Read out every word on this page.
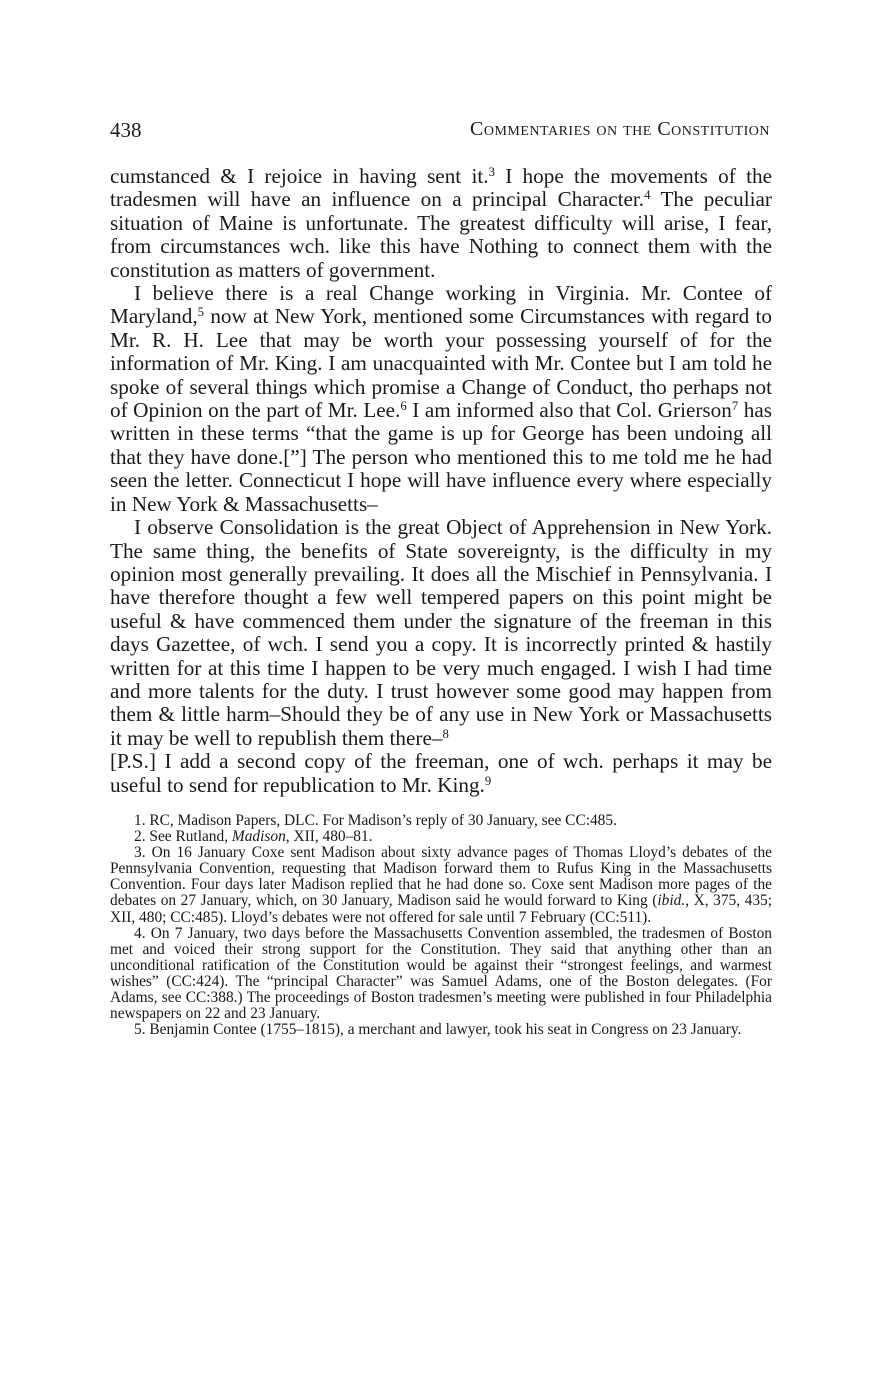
438	Commentaries on the Constitution

cumstanced & I rejoice in having sent it.$^3$ I hope the movements of the tradesmen will have an influence on a principal Character.$^4$ The peculiar situation of Maine is unfortunate. The greatest difficulty will arise, I fear, from circumstances wch. like this have Nothing to connect them with the constitution as matters of government.

I believe there is a real Change working in Virginia. Mr. Contee of Maryland,$^5$ now at New York, mentioned some Circumstances with regard to Mr. R. H. Lee that may be worth your possessing yourself of for the information of Mr. King. I am unacquainted with Mr. Contee but I am told he spoke of several things which promise a Change of Conduct, tho perhaps not of Opinion on the part of Mr. Lee.$^6$ I am informed also that Col. Grierson$^7$ has written in these terms “that the game is up for George has been undoing all that they have done.[”] The person who mentioned this to me told me he had seen the letter. Connecticut I hope will have influence every where especially in New York & Massachusetts–

I observe Consolidation is the great Object of Apprehension in New York. The same thing, the benefits of State sovereignty, is the difficulty in my opinion most generally prevailing. It does all the Mischief in Pennsylvania. I have therefore thought a few well tempered papers on this point might be useful & have commenced them under the signature of the freeman in this days Gazettee, of wch. I send you a copy. It is incorrectly printed & hastily written for at this time I happen to be very much engaged. I wish I had time and more talents for the duty. I trust however some good may happen from them & little harm–Should they be of any use in New York or Massachusetts it may be well to republish them there–$^8$

[P.S.] I add a second copy of the freeman, one of wch. perhaps it may be useful to send for republication to Mr. King.$^9$

1. RC, Madison Papers, DLC. For Madison’s reply of 30 January, see CC:485.

2. See Rutland, Madison, XII, 480–81.

3. On 16 January Coxe sent Madison about sixty advance pages of Thomas Lloyd’s debates of the Pennsylvania Convention, requesting that Madison forward them to Rufus King in the Massachusetts Convention. Four days later Madison replied that he had done so. Coxe sent Madison more pages of the debates on 27 January, which, on 30 January, Madison said he would forward to King (ibid., X, 375, 435; XII, 480; CC:485). Lloyd’s debates were not offered for sale until 7 February (CC:511).

4. On 7 January, two days before the Massachusetts Convention assembled, the tradesmen of Boston met and voiced their strong support for the Constitution. They said that anything other than an unconditional ratification of the Constitution would be against their “strongest feelings, and warmest wishes” (CC:424). The “principal Character” was Samuel Adams, one of the Boston delegates. (For Adams, see CC:388.) The proceedings of Boston tradesmen’s meeting were published in four Philadelphia newspapers on 22 and 23 January.

5. Benjamin Contee (1755–1815), a merchant and lawyer, took his seat in Congress on 23 January.
